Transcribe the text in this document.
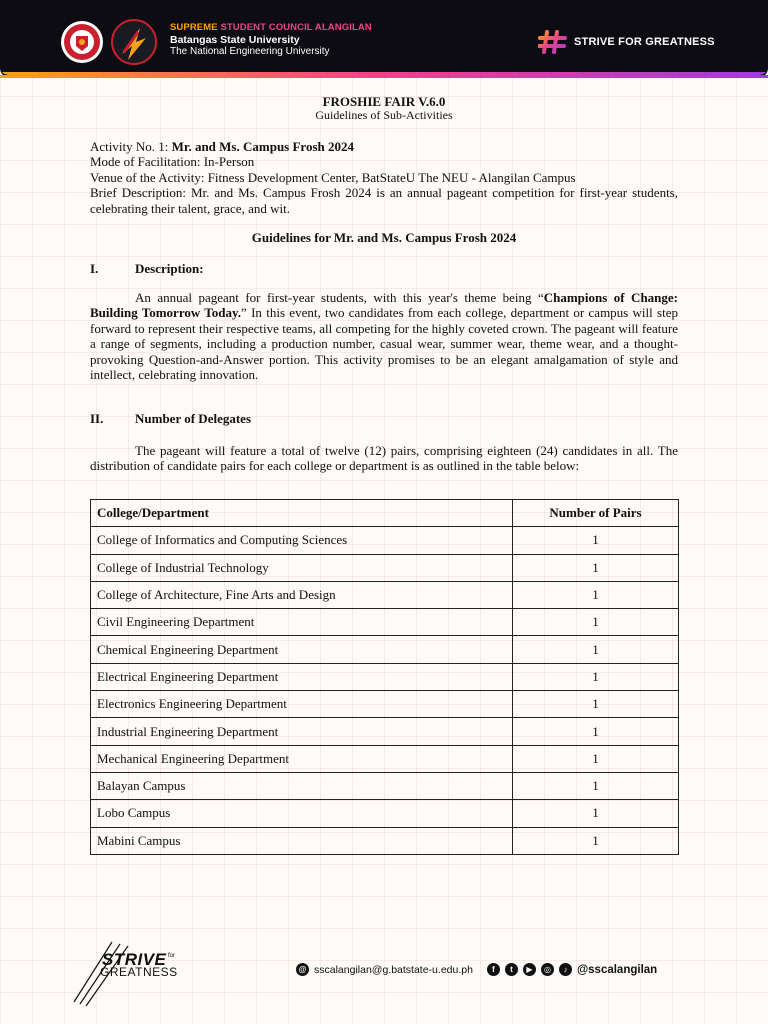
SUPREME STUDENT COUNCIL ALANGILAN
Batangas State University
The National Engineering University
STRIVE FOR GREATNESS
FROSHIE FAIR V.6.0
Guidelines of Sub-Activities
Activity No. 1: Mr. and Ms. Campus Frosh 2024
Mode of Facilitation: In-Person
Venue of the Activity: Fitness Development Center, BatStateU The NEU - Alangilan Campus
Brief Description: Mr. and Ms. Campus Frosh 2024 is an annual pageant competition for first-year students, celebrating their talent, grace, and wit.
Guidelines for Mr. and Ms. Campus Frosh 2024
I.	Description:
An annual pageant for first-year students, with this year's theme being “Champions of Change: Building Tomorrow Today.” In this event, two candidates from each college, department or campus will step forward to represent their respective teams, all competing for the highly coveted crown. The pageant will feature a range of segments, including a production number, casual wear, summer wear, theme wear, and a thought-provoking Question-and-Answer portion. This activity promises to be an elegant amalgamation of style and intellect, celebrating innovation.
II.	Number of Delegates
The pageant will feature a total of twelve (12) pairs, comprising eighteen (24) candidates in all. The distribution of candidate pairs for each college or department is as outlined in the table below:
College/Department	Number of Pairs
College of Informatics and Computing Sciences	1
College of Industrial Technology	1
College of Architecture, Fine Arts and Design	1
Civil Engineering Department	1
Chemical Engineering Department	1
Electrical Engineering Department	1
Electronics Engineering Department	1
Industrial Engineering Department	1
Mechanical Engineering Department	1
Balayan Campus	1
Lobo Campus	1
Mabini Campus	1
STRIVE for
GREATNESS	@ sscalangilan@g.batstate-u.edu.ph	f	t	▶	◎	♪ @sscalangilan
